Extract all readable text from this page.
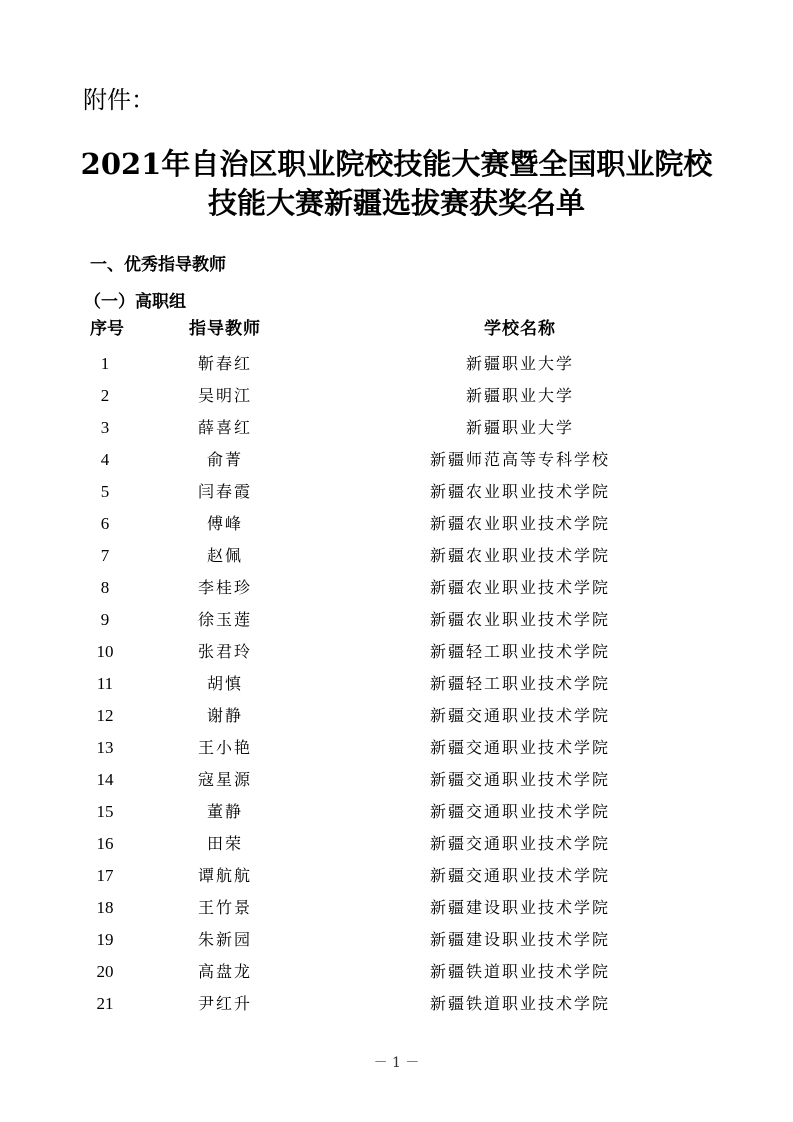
附件：
2021年自治区职业院校技能大赛暨全国职业院校
技能大赛新疆选拔赛获奖名单
一、优秀指导教师
（一）高职组
序号	指导教师	学校名称
1	靳春红	新疆职业大学
2	吴明江	新疆职业大学
3	薛喜红	新疆职业大学
4	俞菁	新疆师范高等专科学校
5	闫春霞	新疆农业职业技术学院
6	傅峰	新疆农业职业技术学院
7	赵佩	新疆农业职业技术学院
8	李桂珍	新疆农业职业技术学院
9	徐玉莲	新疆农业职业技术学院
10	张君玲	新疆轻工职业技术学院
11	胡慎	新疆轻工职业技术学院
12	谢静	新疆交通职业技术学院
13	王小艳	新疆交通职业技术学院
14	寇星源	新疆交通职业技术学院
15	董静	新疆交通职业技术学院
16	田荣	新疆交通职业技术学院
17	谭航航	新疆交通职业技术学院
18	王竹景	新疆建设职业技术学院
19	朱新园	新疆建设职业技术学院
20	高盘龙	新疆铁道职业技术学院
21	尹红升	新疆铁道职业技术学院
－ 1 －
